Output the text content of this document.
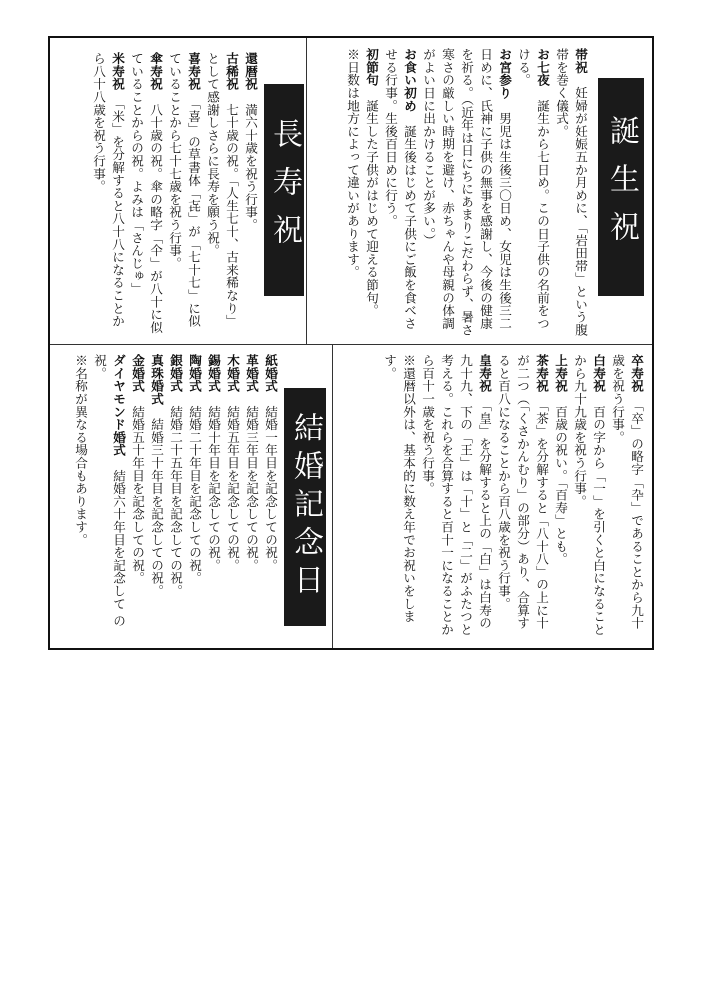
誕生祝

帯祝　妊婦が妊娠五か月めに、「岩田帯」という腹帯を巻く儀式。

お七夜　誕生から七日め。この日子供の名前をつける。

お宮参り　男児は生後三〇日め、女児は生後三二日めに、氏神に子供の無事を感謝し、今後の健康を祈る。（近年は日にちにあまりこだわらず、暑さ寒さの厳しい時期を避け、赤ちゃんや母親の体調がよい日に出かけることが多い。）

お食い初め　誕生後はじめて子供にご飯を食べさせる行事。生後百日めに行う。

初節句　誕生した子供がはじめて迎える節句。

※日数は地方によって違いがあります。

長寿祝

還暦祝　満六十歳を祝う行事。

古稀祝　七十歳の祝。「人生七十、古来稀なり」として感謝しさらに長寿を願う祝。

喜寿祝　「喜」の草書体「㐂」が「七十七」に似ていることから七十七歳を祝う行事。

傘寿祝　八十歳の祝。傘の略字「仐」が八十に似ていることからの祝。よみは「さんじゅ」

米寿祝　「米」を分解すると八十八になることから八十八歳を祝う行事。

卒寿祝　「卒」の略字「卆」であることから九十歳を祝う行事。

白寿祝　百の字から「一」を引くと白になることから九十九歳を祝う行事。

上寿祝　百歳の祝い。「百寿」とも。

茶寿祝　「茶」を分解すると「八十八」の上に十が二つ（「くさかんむり」の部分）あり、合算すると百八になることから百八歳を祝う行事。

皇寿祝　「皇」を分解すると上の「白」は白寿の九十九、下の「王」は「十」と「二」がふたつと考える。これらを合算すると百十一になることから百十一歳を祝う行事。

※還暦以外は、基本的に数え年でお祝いをします。

結婚記念日

紙婚式　結婚一年目を記念しての祝。

革婚式　結婚三年目を記念しての祝。

木婚式　結婚五年目を記念しての祝。

錫婚式　結婚十年目を記念しての祝。

陶婚式　結婚二十年目を記念しての祝。

銀婚式　結婚二十五年目を記念しての祝。

真珠婚式　結婚三十年目を記念しての祝。

金婚式　結婚五十年目を記念しての祝。

ダイヤモンド婚式　結婚六十年目を記念して の祝。

※名称が異なる場合もあります。
